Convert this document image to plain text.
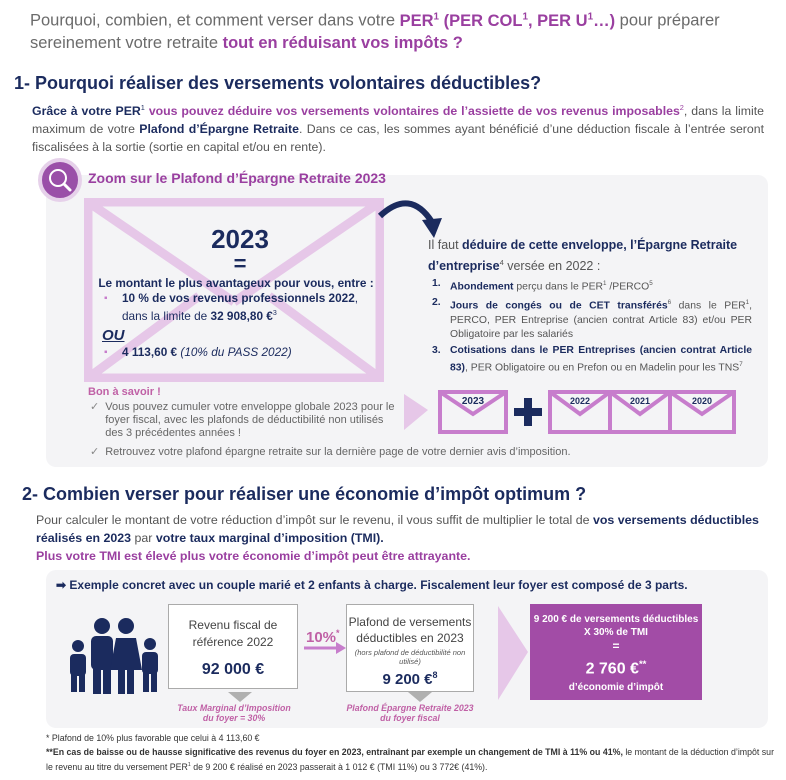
Pourquoi, combien, et comment verser dans votre PER$^1$ (PER COL$^1$, PER $U^1\dots$) pour préparer sereinement votre retraite tout en réduisant vos impôts ?
1- Pourquoi réaliser des versements volontaires déductibles?
Grâce à votre PER$^1$ vous pouvez déduire vos versements volontaires de l’assiette de vos revenus imposables$^2$, dans la limite maximum de votre Plafond d’Épargne Retraite. Dans ce cas, les sommes ayant bénéficié d’une déduction fiscale à l’entrée seront fiscalisées à la sortie (sortie en capital et/ou en rente).
Zoom sur le Plafond d’Épargne Retraite 2023
2023
=
Le montant le plus avantageux pour vous, entre :
▪ 10 % de vos revenus professionnels 2022, dans la limite de 32 908,80 €$^3$
OU
▪ 4 113,60 € (10% du PASS 2022)
Il faut déduire de cette enveloppe, l’Épargne Retraite d’entreprise$^4$ versée en 2022 :
1. Abondement perçu dans le PER$^1$ /PERCO$^5$
2. Jours de congés ou de CET transférés$^6$ dans le PER$^1$, PERCO, PER Entreprise (ancien contrat Article 83) et/ou PER Obligatoire par les salariés
3. Cotisations dans le PER Entreprises (ancien contrat Article 83), PER Obligatoire ou en Prefon ou en Madelin pour les TNS$^7$
Bon à savoir !
✓ Vous pouvez cumuler votre enveloppe globale 2023 pour le foyer fiscal, avec les plafonds de déductibilité non utilisés des 3 précédentes années !
✓ Retrouvez votre plafond épargne retraite sur la dernière page de votre dernier avis d’imposition.
2023	2022	2021	2020
2- Combien verser pour réaliser une économie d’impôt optimum ?
Pour calculer le montant de votre réduction d’impôt sur le revenu, il vous suffit de multiplier le total de vos versements déductibles réalisés en 2023 par votre taux marginal d’imposition (TMI).
Plus votre TMI est élevé plus votre économie d’impôt peut être attrayante.
➡ Exemple concret avec un couple marié et 2 enfants à charge. Fiscalement leur foyer est composé de 3 parts.
Revenu fiscal de référence 2022
92 000 €
Taux Marginal d’Imposition du foyer = 30%
10%*
Plafond de versements déductibles en 2023
(hors plafond de déductibilité non utilisé)
9 200 €$^8$
Plafond Épargne Retraite 2023 du foyer fiscal
9 200 € de versements déductibles X 30% de TMI
=
2 760 €**
d’économie d’impôt
* Plafond de 10% plus favorable que celui à 4 113,60 €
**En cas de baisse ou de hausse significative des revenus du foyer en 2023, entraînant par exemple un changement de TMI à 11% ou 41%, le montant de la déduction d’impôt sur le revenu au titre du versement PER$^1$ de 9 200 € réalisé en 2023 passerait à 1 012 € (TMI 11%) ou 3 772€ (41%).
